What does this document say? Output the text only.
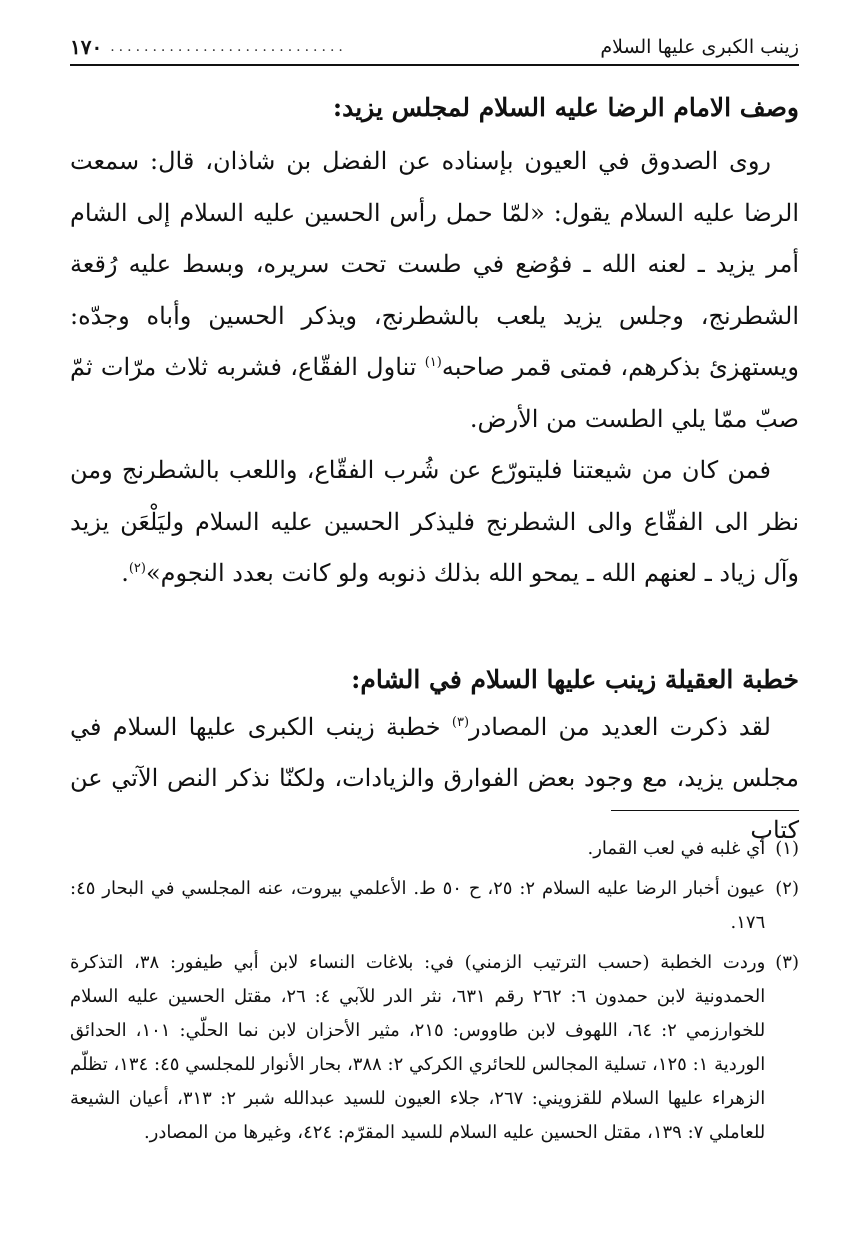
زينب الكبرى عليها السلام
............................
١٧٠
وصف الامام الرضا عليه السلام لمجلس يزيد:

روى الصدوق في العيون بإسناده عن الفضل بن شاذان، قال: سمعت الرضا عليه السلام يقول: «لمّا حمل رأس الحسين عليه السلام إلى الشام أمر يزيد ـ لعنه الله ـ فوُضع في طست تحت سريره، وبسط عليه رُقعة الشطرنج، وجلس يزيد يلعب بالشطرنج، ويذكر الحسين وأباه وجدّه: ويستهزئ بذكرهم، فمتى قمر صاحبه$^{(١)}$ تناول الفقّاع، فشربه ثلاث مرّات ثمّ صبّ ممّا يلي الطست من الأرض.

فمن كان من شيعتنا فليتورّع عن شُرب الفقّاع، واللعب بالشطرنج ومن نظر الى الفقّاع والى الشطرنج فليذكر الحسين عليه السلام وليَلْعَن يزيد وآل زياد ـ لعنهم الله ـ يمحو الله بذلك ذنوبه ولو كانت بعدد النجوم»$^{(٢)}$.

خطبة العقيلة زينب عليها السلام في الشام:

لقد ذكرت العديد من المصادر$^{(٣)}$ خطبة زينب الكبرى عليها السلام في مجلس يزيد، مع وجود بعض الفوارق والزيادات، ولكنّا نذكر النص الآتي عن كتاب

(١)
أي غلبه في لعب القمار.
(٢)
عيون أخبار الرضا عليه السلام ٢: ٢٥، ح ٥٠ ط. الأعلمي بيروت، عنه المجلسي في البحار ٤٥: ١٧٦.
(٣)
وردت الخطبة (حسب الترتيب الزمني) في: بلاغات النساء لابن أبي طيفور: ٣٨، التذكرة الحمدونية لابن حمدون ٦: ٢٦٢ رقم ٦٣١، نثر الدر للآبي ٤: ٢٦، مقتل الحسين عليه السلام للخوارزمي ٢: ٦٤، اللهوف لابن طاووس: ٢١٥، مثير الأحزان لابن نما الحلّي: ١٠١، الحدائق الوردية ١: ١٢٥، تسلية المجالس للحائري الكركي ٢: ٣٨٨، بحار الأنوار للمجلسي ٤٥: ١٣٤، تظلّم الزهراء عليها السلام للقزويني: ٢٦٧، جلاء العيون للسيد عبدالله شبر ٢: ٣١٣، أعيان الشيعة للعاملي ٧: ١٣٩، مقتل الحسين عليه السلام للسيد المقرّم: ٤٢٤، وغيرها من المصادر.
